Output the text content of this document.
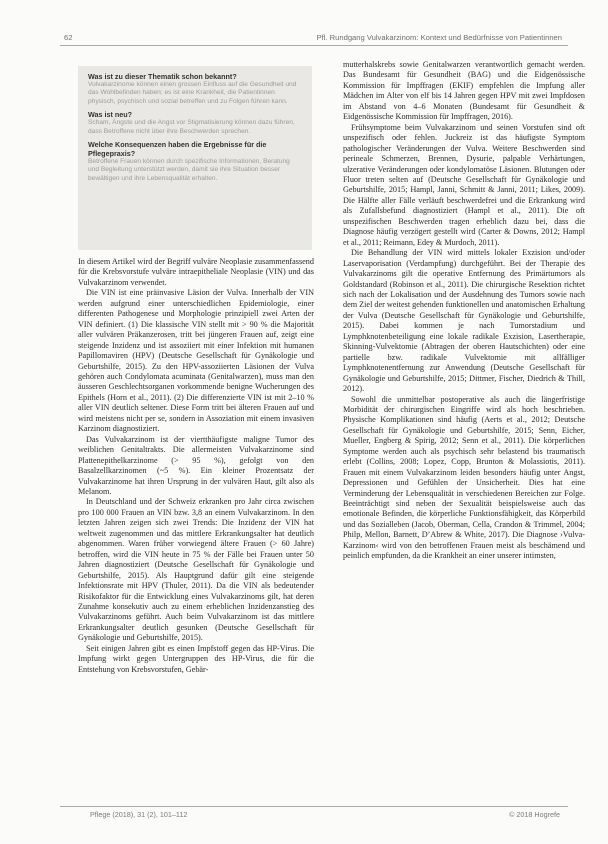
62	Pfl. Rundgang Vulvakarzinom: Kontext und Bedürfnisse von Patientinnen
Was ist zu dieser Thematik schon bekannt?
Vulvakarzinome können einen grossen Einfluss auf die Gesundheit und das Wohlbefinden haben; es ist eine Krankheit, die Patientinnen physisch, psychisch und sozial betreffen und zu Folgen führen kann.
Was ist neu?
Scham, Ängste und die Angst vor Stigmatisierung können dazu führen, dass Betroffene nicht über ihre Beschwerden sprechen.
Welche Konsequenzen haben die Ergebnisse für die Pflegepraxis?
Betroffene Frauen können durch spezifische Informationen, Beratung und Begleitung unterstützt werden, damit sie ihre Situation besser bewältigen und ihre Lebensqualität erhalten.

In diesem Artikel wird der Begriff vulväre Neoplasie zusammenfassend für die Krebsvorstufe vulväre intraepitheliale Neoplasie (VIN) und das Vulvakarzinom verwendet.

Die VIN ist eine präinvasive Läsion der Vulva. Innerhalb der VIN werden aufgrund einer unterschiedlichen Epidemiologie, einer differenten Pathogenese und Morphologie prinzipiell zwei Arten der VIN definiert. (1) Die klassische VIN stellt mit > 90 % die Majorität aller vulvären Präkanzerosen, tritt bei jüngeren Frauen auf, zeigt eine steigende Inzidenz und ist assoziiert mit einer Infektion mit humanen Papillomaviren (HPV) (Deutsche Gesellschaft für Gynäkologie und Geburtshilfe, 2015). Zu den HPV-assoziierten Läsionen der Vulva gehören auch Condylomata acuminata (Genitalwarzen), muss man den äusseren Geschlechtsorganen vorkommende benigne Wucherungen des Epithels (Horn et al., 2011). (2) Die differenzierte VIN ist mit 2–10 % aller VIN deutlich seltener. Diese Form tritt bei älteren Frauen auf und wird meistens nicht per se, sondern in Assoziation mit einem invasiven Karzinom diagnostiziert.

Das Vulvakarzinom ist der viertthäufigste maligne Tumor des weiblichen Genitaltrakts. Die allermeisten Vulvakarzinome sind Plattenepithelkarzinome (> 95 %), gefolgt von den Basalzellkarzinomen (~5 %). Ein kleiner Prozentsatz der Vulvakarzinome hat ihren Ursprung in der vulvären Haut, gilt also als Melanom.

In Deutschland und der Schweiz erkranken pro Jahr circa zwischen pro 100 000 Frauen an VIN bzw. 3,8 an einem Vulvakarzinom. In den letzten Jahren zeigen sich zwei Trends: Die Inzidenz der VIN hat weltweit zugenommen und das mittlere Erkrankungsalter hat deutlich abgenommen. Waren früher vorwiegend ältere Frauen (> 60 Jahre) betroffen, wird die VIN heute in 75 % der Fälle bei Frauen unter 50 Jahren diagnostiziert (Deutsche Gesellschaft für Gynäkologie und Geburtshilfe, 2015). Als Hauptgrund dafür gilt eine steigende Infektionsrate mit HPV (Thuler, 2011). Da die VIN als bedeutender Risikofaktor für die Entwicklung eines Vulvakarzinoms gilt, hat deren Zunahme konsekutiv auch zu einem erheblichen Inzidenzanstieg des Vulvakarzinoms geführt. Auch beim Vulvakarzinom ist das mittlere Erkrankungsalter deutlich gesunken (Deutsche Gesellschaft für Gynäkologie und Geburtshilfe, 2015).

Seit einigen Jahren gibt es einen Impfstoff gegen das HP-Virus. Die Impfung wirkt gegen Untergruppen des HP-Virus, die für die Entstehung von Krebsvorstufen, Gebär-

mutterhalskrebs sowie Genitalwarzen verantwortlich gemacht werden. Das Bundesamt für Gesundheit (BAG) und die Eidgenössische Kommission für Impffragen (EKIF) empfehlen die Impfung aller Mädchen im Alter von elf bis 14 Jahren gegen HPV mit zwei Impfdosen im Abstand von 4–6 Monaten (Bundesamt für Gesundheit & Eidgenössische Kommission für Impffragen, 2016).

Frühsymptome beim Vulvakarzinom und seinen Vorstufen sind oft unspezifisch oder fehlen. Juckreiz ist das häufigste Symptom pathologischer Veränderungen der Vulva. Weitere Beschwerden sind perineale Schmerzen, Brennen, Dysurie, palpable Verhärtungen, ulzerative Veränderungen oder kondylomatöse Läsionen. Blutungen oder Fluor treten selten auf (Deutsche Gesellschaft für Gynäkologie und Geburtshilfe, 2015; Hampl, Janni, Schmitt & Janni, 2011; Likes, 2009). Die Hälfte aller Fälle verläuft beschwerdefrei und die Erkrankung wird als Zufallsbefund diagnostiziert (Hampl et al., 2011). Die oft unspezifischen Beschwerden tragen erheblich dazu bei, dass die Diagnose häufig verzögert gestellt wird (Carter & Downs, 2012; Hampl et al., 2011; Reimann, Edey & Murdoch, 2011).

Die Behandlung der VIN wird mittels lokaler Exzision und/oder Laservaporisation (Verdampfung) durchgeführt. Bei der Therapie des Vulvakarzinoms gilt die operative Entfernung des Primärtumors als Goldstandard (Robinson et al., 2011). Die chirurgische Resektion richtet sich nach der Lokalisation und der Ausdehnung des Tumors sowie nach dem Ziel der weitest gehenden funktionellen und anatomischen Erhaltung der Vulva (Deutsche Gesellschaft für Gynäkologie und Geburtshilfe, 2015). Dabei kommen je nach Tumorstadium und Lymphknotenbeteiligung eine lokale radikale Exzision, Lasertherapie, Skinning-Vulvektomie (Abtragen der oberen Hautschichten) oder eine partielle bzw. radikale Vulvektomie mit allfälliger Lymphknotenentfernung zur Anwendung (Deutsche Gesellschaft für Gynäkologie und Geburtshilfe, 2015; Dittmer, Fischer, Diedrich & Thill, 2012).

Sowohl die unmittelbar postoperative als auch die längerfristige Morbidität der chirurgischen Eingriffe wird als hoch beschrieben. Physische Komplikationen sind häufig (Aerts et al., 2012; Deutsche Gesellschaft für Gynäkologie und Geburtshilfe, 2015; Senn, Eicher, Mueller, Engberg & Spirig, 2012; Senn et al., 2011). Die körperlichen Symptome werden auch als psychisch sehr belastend bis traumatisch erlebt (Collins, 2008; Lopez, Copp, Brunton & Molassiotis, 2011). Frauen mit einem Vulvakarzinom leiden besonders häufig unter Angst, Depressionen und Gefühlen der Unsicherheit. Dies hat eine Verminderung der Lebensqualität in verschiedenen Bereichen zur Folge. Beeinträchtigt sind neben der Sexualität beispielsweise auch das emotionale Befinden, die körperliche Funktionsfähigkeit, das Körperbild und das Sozialleben (Jacob, Oberman, Cella, Crandon & Trimmel, 2004; Philp, Mellon, Barnett, D’Abrew & White, 2017). Die Diagnose ›Vulva-Karzinom‹ wird von den betroffenen Frauen meist als beschämend und peinlich empfunden, da die Krankheit an einer unserer intimsten,

Pflege (2018), 31 (2), 101–112	© 2018 Hogrefe
